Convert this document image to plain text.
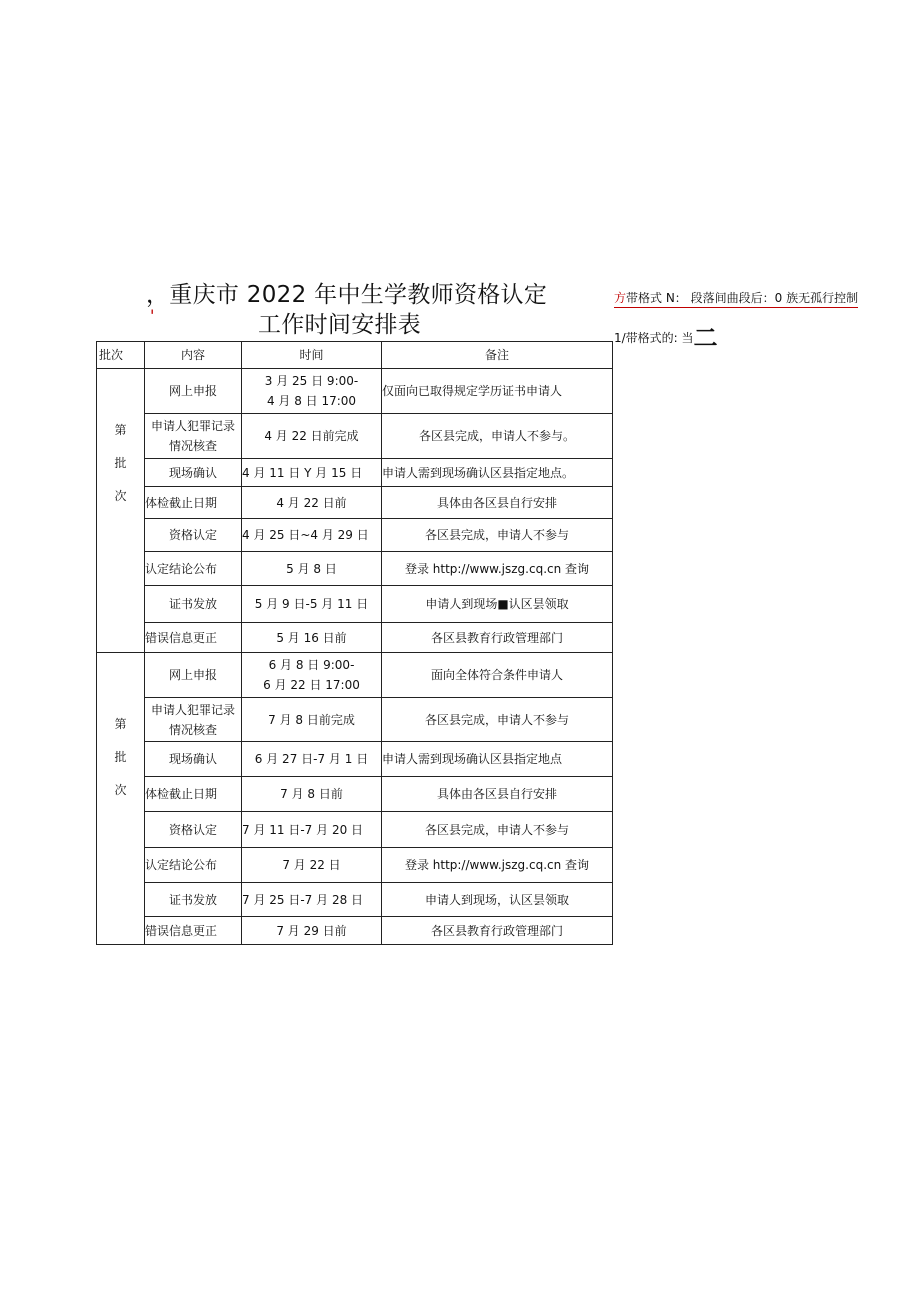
，重庆市 2022 年中生学教师资格认定
工作时间安排表
'
方带格式 N： 段落间曲段后：0 族无孤行控制
1/带格式的: 当二
批次	内容	时间	备注
第
批
次	网上申报	3 月 25 日 9:00-
4 月 8 日 17:00	仅面向已取得规定学历证书申请人
	申请人犯罪记录
情况核查	4 月 22 日前完成	各区县完成，申请人不参与。
	现场确认	4 月 11 日 Y 月 15 日	申请人需到现场确认区县指定地点。
	体检截止日期	4 月 22 日前	具体由各区县自行安排
	资格认定	4 月 25 日~4 月 29 日	各区县完成，申请人不参与
	认定结论公布	5 月 8 日	登录 http://www.jszg.cq.cn 查询
	证书发放	5 月 9 日-5 月 11 日	申请人到现场■认区昙领取
	错误信息更正	5 月 16 日前	各区县教育行政管理部门
第
批
次	网上申报	6 月 8 日 9:00-
6 月 22 日 17:00	面向全体符合条件申请人
	申请人犯罪记录
情况核查	7 月 8 日前完成	各区县完成，申请人不参与
	现场确认	6 月 27 日-7 月 1 日	申请人需到现场确认区县指定地点
	体检截止日期	7 月 8 日前	具体由各区县自行安排
	资格认定	7 月 11 日-7 月 20 日	各区县完成，申请人不参与
	认定结论公布	7 月 22 日	登录 http://www.jszg.cq.cn 查询
	证书发放	7 月 25 日-7 月 28 日	申请人到现场，认区昙领取
	错误信息更正	7 月 29 日前	各区县教育行政管理部门
